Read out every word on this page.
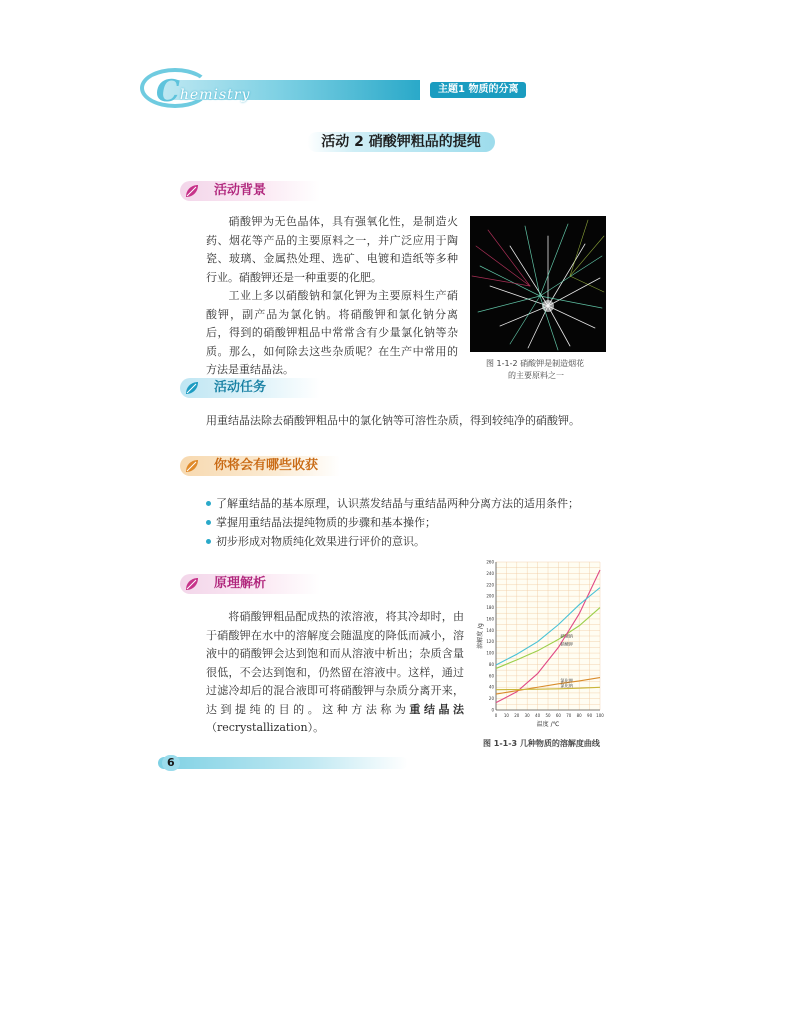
Chemistry	主题1 物质的分离
活动 2 硝酸钾粗品的提纯
活动背景
硝酸钾为无色晶体，具有强氧化性，是制造火药、烟花等产品的主要原料之一，并广泛应用于陶瓷、玻璃、金属热处理、选矿、电镀和造纸等多种行业。硝酸钾还是一种重要的化肥。
工业上多以硝酸钠和氯化钾为主要原料生产硝酸钾，副产品为氯化钠。将硝酸钾和氯化钠分离后，得到的硝酸钾粗品中常常含有少量氯化钠等杂质。那么，如何除去这些杂质呢？在生产中常用的方法是重结晶法。	图 1-1-2 硝酸钾是制造烟花
的主要原料之一
活动任务
用重结晶法除去硝酸钾粗品中的氯化钠等可溶性杂质，得到较纯净的硝酸钾。
你将会有哪些收获
了解重结晶的基本原理，认识蒸发结晶与重结晶两种分离方法的适用条件；
掌握用重结晶法提纯物质的步骤和基本操作；
初步形成对物质纯化效果进行评价的意识。
原理解析
将硝酸钾粗品配成热的浓溶液，将其冷却时，由于硝酸钾在水中的溶解度会随温度的降低而减小，溶液中的硝酸钾会达到饱和而从溶液中析出；杂质含量很低，不会达到饱和，仍然留在溶液中。这样，通过过滤冷却后的混合液即可将硝酸钾与杂质分离开来，达到提纯的目的。这种方法称为重结晶法（recrystallization）。
0 10 20 30 40 50 60 70 80 90 100
0
20
40
60
80
100
120
140
160
180
200
220
240
260
温度 /℃
溶解度 /g	硝酸钠
硝酸钾
氯化钾
氯化钠
图 1-1-3 几种物质的溶解度曲线
6
